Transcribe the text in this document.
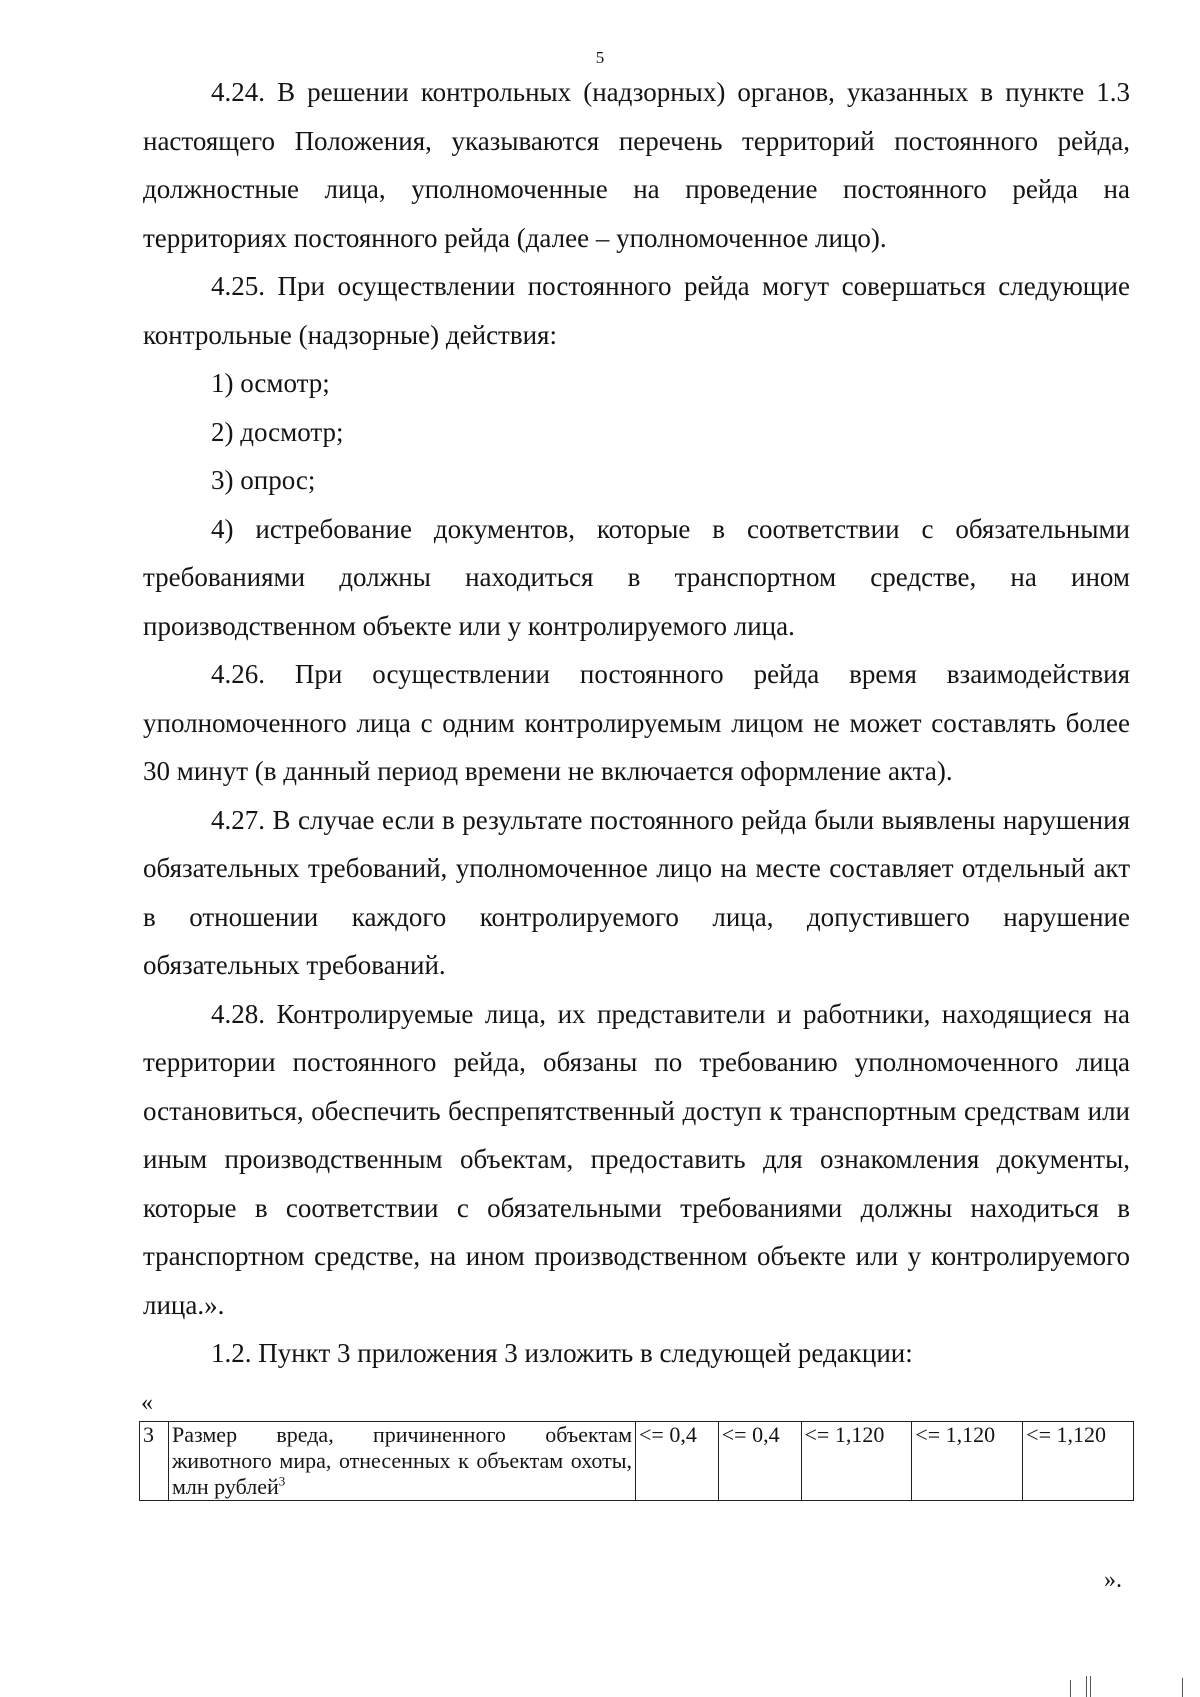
5

4.24. В решении контрольных (надзорных) органов, указанных в пункте 1.3 настоящего Положения, указываются перечень территорий постоянного рейда, должностные лица, уполномоченные на проведение постоянного рейда на территориях постоянного рейда (далее – уполномоченное лицо).

4.25. При осуществлении постоянного рейда могут совершаться следующие контрольные (надзорные) действия:

1) осмотр;

2) досмотр;

3) опрос;

4) истребование документов, которые в соответствии с обязательными требованиями должны находиться в транспортном средстве, на ином производственном объекте или у контролируемого лица.

4.26. При осуществлении постоянного рейда время взаимодействия уполномоченного лица с одним контролируемым лицом не может составлять более 30 минут (в данный период времени не включается оформление акта).

4.27. В случае если в результате постоянного рейда были выявлены нарушения обязательных требований, уполномоченное лицо на месте составляет отдельный акт в отношении каждого контролируемого лица, допустившего нарушение обязательных требований.

4.28. Контролируемые лица, их представители и работники, находящиеся на территории постоянного рейда, обязаны по требованию уполномоченного лица остановиться, обеспечить беспрепятственный доступ к транспортным средствам или иным производственным объектам, предоставить для ознакомления документы, которые в соответствии с обязательными требованиями должны находиться в транспортном средстве, на ином производственном объекте или у контролируемого лица.».

1.2. Пункт 3 приложения 3 изложить в следующей редакции:

«
3	Размер вреда, причиненного объектам животного мира, отнесенных к объектам охоты, млн рублей$^3$	<= 0,4	<= 0,4	<= 1,120	<= 1,120	<= 1,120
».
